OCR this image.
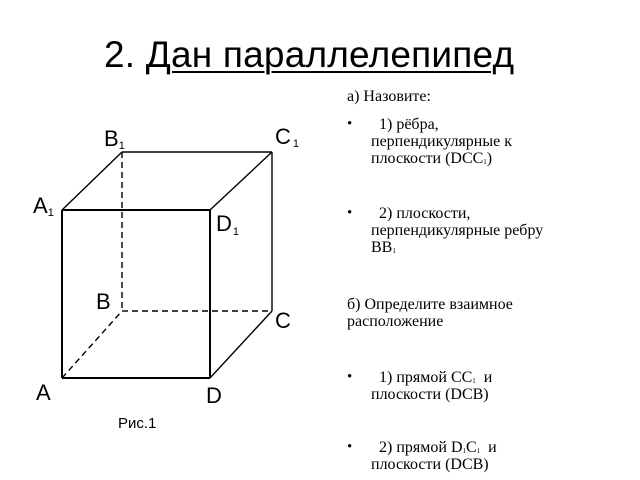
2. Дан параллелепипед
B1	C 1
A1	D1
B
C
A	D
Рис.1
а) Назовите:
•	1) рёбра,
перпендикулярные к
плоскости $(DCC_1)$
•	2) плоскости,
перпендикулярные ребру
$BB_1$
б) Определите взаимное
расположение
•	1) прямой $CC_1$ и
плоскости (DCB)
•	2) прямой $D_1C_1$ и
плоскости (DCB)
